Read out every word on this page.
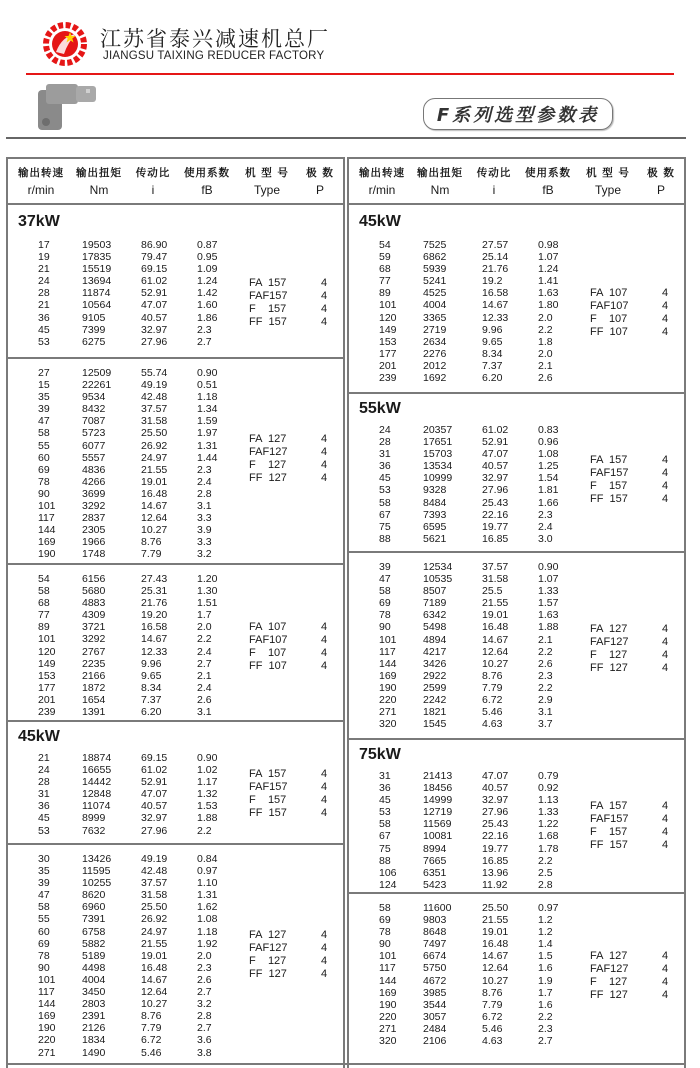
江苏省泰兴减速机总厂
JIANGSU TAIXING REDUCER FACTORY
F系列选型参数表
输出转速
r/min
输出扭矩
Nm
传动比
i
使用系数
fB
机 型 号
Type
极 数
P
37kW
17	19503	86.90	0.87
19	17835	79.47	0.95
21	15519	69.15	1.09
24	13694	61.02	1.24
28	11874	52.91	1.42
21	10564	47.07	1.60
36	9105	40.57	1.86
45	7399	32.97	2.3
53	6275	27.96	2.7
FA  157	4
FAF157	4
F    157	4
FF  157	4
27	12509	55.74	0.90
15	22261	49.19	0.51
35	9534	42.48	1.18
39	8432	37.57	1.34
47	7087	31.58	1.59
58	5723	25.50	1.97
55	6077	26.92	1.31
60	5557	24.97	1.44
69	4836	21.55	2.3
78	4266	19.01	2.4
90	3699	16.48	2.8
101	3292	14.67	3.1
117	2837	12.64	3.3
144	2305	10.27	3.9
169	1966	8.76	3.3
190	1748	7.79	3.2
FA  127	4
FAF127	4
F    127	4
FF  127	4
54	6156	27.43	1.20
58	5680	25.31	1.30
68	4883	21.76	1.51
77	4309	19.20	1.7
89	3721	16.58	2.0
101	3292	14.67	2.2
120	2767	12.33	2.4
149	2235	9.96	2.7
153	2166	9.65	2.1
177	1872	8.34	2.4
201	1654	7.37	2.6
239	1391	6.20	3.1
FA  107	4
FAF107	4
F    107	4
FF  107	4
45kW
21	18874	69.15	0.90
24	16655	61.02	1.02
28	14442	52.91	1.17
31	12848	47.07	1.32
36	11074	40.57	1.53
45	8999	32.97	1.88
53	7632	27.96	2.2
FA  157	4
FAF157	4
F    157	4
FF  157	4
30	13426	49.19	0.84
35	11595	42.48	0.97
39	10255	37.57	1.10
47	8620	31.58	1.31
58	6960	25.50	1.62
55	7391	26.92	1.08
60	6758	24.97	1.18
69	5882	21.55	1.92
78	5189	19.01	2.0
90	4498	16.48	2.3
101	4004	14.67	2.6
117	3450	12.64	2.7
144	2803	10.27	3.2
169	2391	8.76	2.8
190	2126	7.79	2.7
220	1834	6.72	3.6
271	1490	5.46	3.8
FA  127	4
FAF127	4
F    127	4
FF  127	4
输出转速
r/min
输出扭矩
Nm
传动比
i
使用系数
fB
机 型 号
Type
极 数
P
45kW
54	7525	27.57	0.98
59	6862	25.14	1.07
68	5939	21.76	1.24
77	5241	19.2	1.41
89	4525	16.58	1.63
101	4004	14.67	1.80
120	3365	12.33	2.0
149	2719	9.96	2.2
153	2634	9.65	1.8
177	2276	8.34	2.0
201	2012	7.37	2.1
239	1692	6.20	2.6
FA  107	4
FAF107	4
F    107	4
FF  107	4
55kW
24	20357	61.02	0.83
28	17651	52.91	0.96
31	15703	47.07	1.08
36	13534	40.57	1.25
45	10999	32.97	1.54
53	9328	27.96	1.81
58	8484	25.43	1.66
67	7393	22.16	2.3
75	6595	19.77	2.4
88	5621	16.85	3.0
FA  157	4
FAF157	4
F    157	4
FF  157	4
39	12534	37.57	0.90
47	10535	31.58	1.07
58	8507	25.5	1.33
69	7189	21.55	1.57
78	6342	19.01	1.63
90	5498	16.48	1.88
101	4894	14.67	2.1
117	4217	12.64	2.2
144	3426	10.27	2.6
169	2922	8.76	2.3
190	2599	7.79	2.2
220	2242	6.72	2.9
271	1821	5.46	3.1
320	1545	4.63	3.7
FA  127	4
FAF127	4
F    127	4
FF  127	4
75kW
31	21413	47.07	0.79
36	18456	40.57	0.92
45	14999	32.97	1.13
53	12719	27.96	1.33
58	11569	25.43	1.22
67	10081	22.16	1.68
75	8994	19.77	1.78
88	7665	16.85	2.2
106	6351	13.96	2.5
124	5423	11.92	2.8
FA  157	4
FAF157	4
F    157	4
FF  157	4
58	11600	25.50	0.97
69	9803	21.55	1.2
78	8648	19.01	1.2
90	7497	16.48	1.4
101	6674	14.67	1.5
117	5750	12.64	1.6
144	4672	10.27	1.9
169	3985	8.76	1.7
190	3544	7.79	1.6
220	3057	6.72	2.2
271	2484	5.46	2.3
320	2106	4.63	2.7
FA  127	4
FAF127	4
F    127	4
FF  127	4
